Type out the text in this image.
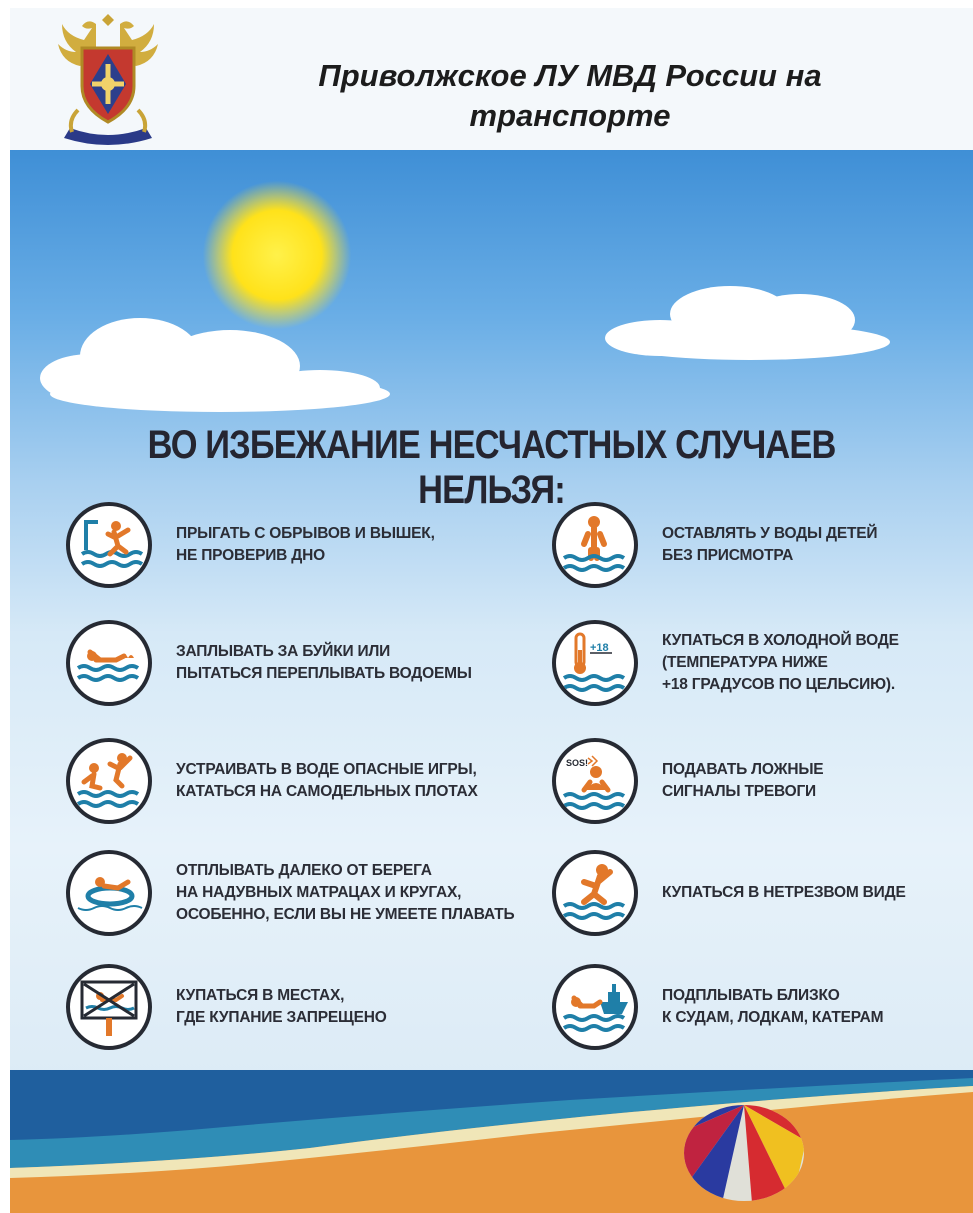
Приволжское ЛУ МВД России на
транспорте
ВО ИЗБЕЖАНИЕ НЕСЧАСТНЫХ СЛУЧАЕВ НЕЛЬЗЯ:
ПРЫГАТЬ С ОБРЫВОВ И ВЫШЕК,
НЕ ПРОВЕРИВ ДНО
ЗАПЛЫВАТЬ ЗА БУЙКИ ИЛИ
ПЫТАТЬСЯ ПЕРЕПЛЫВАТЬ ВОДОЕМЫ
УСТРАИВАТЬ В ВОДЕ ОПАСНЫЕ ИГРЫ,
КАТАТЬСЯ НА САМОДЕЛЬНЫХ ПЛОТАХ
ОТПЛЫВАТЬ ДАЛЕКО ОТ БЕРЕГА
НА НАДУВНЫХ МАТРАЦАХ И КРУГАХ,
ОСОБЕННО, ЕСЛИ ВЫ НЕ УМЕЕТЕ ПЛАВАТЬ
КУПАТЬСЯ В МЕСТАХ,
ГДЕ КУПАНИЕ ЗАПРЕЩЕНО
ОСТАВЛЯТЬ У ВОДЫ ДЕТЕЙ
БЕЗ ПРИСМОТРА
+18	КУПАТЬСЯ В ХОЛОДНОЙ ВОДЕ
(ТЕМПЕРАТУРА НИЖЕ
+18 ГРАДУСОВ ПО ЦЕЛЬСИЮ).
SOS!	ПОДАВАТЬ ЛОЖНЫЕ
СИГНАЛЫ ТРЕВОГИ
КУПАТЬСЯ В НЕТРЕЗВОМ ВИДЕ
ПОДПЛЫВАТЬ БЛИЗКО
К СУДАМ, ЛОДКАМ, КАТЕРАМ
